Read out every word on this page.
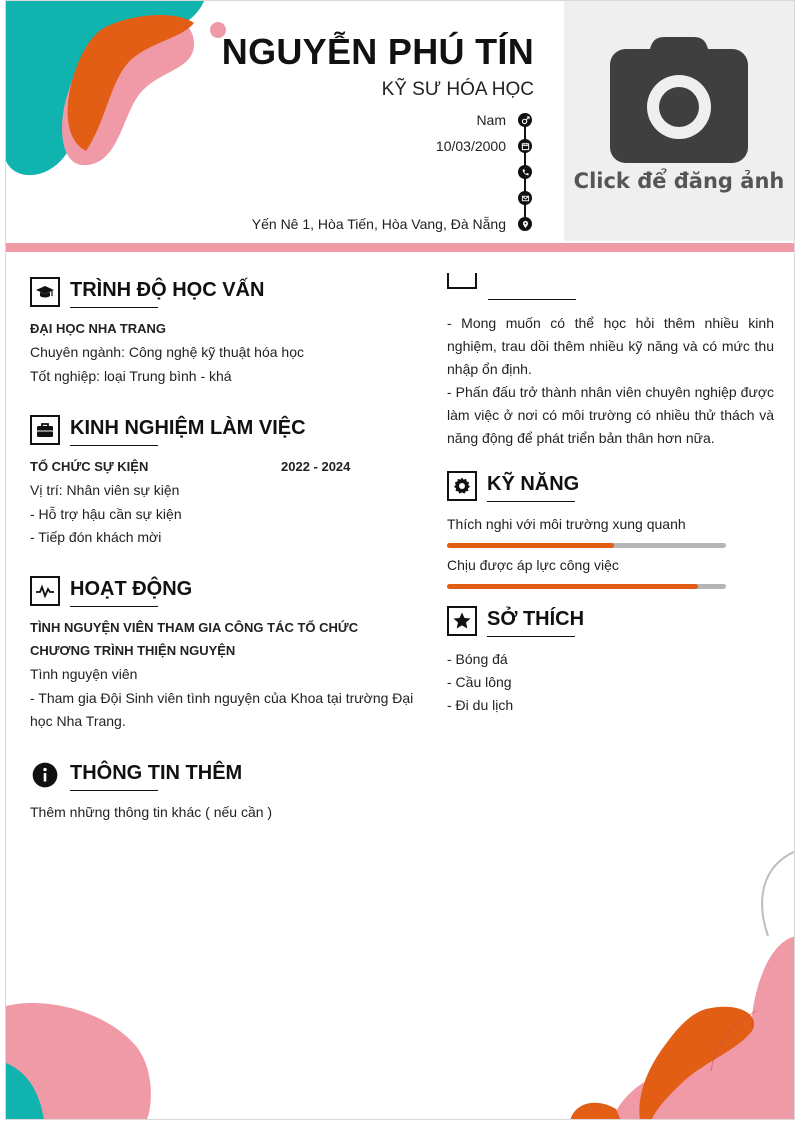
NGUYỄN PHÚ TÍN
KỸ SƯ HÓA HỌC
Nam
10/03/2000
Yến Nê 1, Hòa Tiến, Hòa Vang, Đà Nẵng
Click để đăng ảnh
TRÌNH ĐỘ HỌC VẤN
ĐẠI HỌC NHA TRANG
Chuyên ngành: Công nghệ kỹ thuật hóa học
Tốt nghiệp: loại Trung bình - khá
KINH NGHIỆM LÀM VIỆC
TỔ CHỨC SỰ KIỆN	2022 - 2024
Vị trí: Nhân viên sự kiện
- Hỗ trợ hậu cần sự kiện
- Tiếp đón khách mời
HOẠT ĐỘNG
TÌNH NGUYỆN VIÊN THAM GIA CÔNG TÁC TỔ CHỨC
CHƯƠNG TRÌNH THIỆN NGUYỆN
Tình nguyện viên
- Tham gia Đội Sinh viên tình nguyện của Khoa tại trường Đại
học Nha Trang.
THÔNG TIN THÊM
Thêm những thông tin khác ( nếu cần )
- Mong muốn có thể học hỏi thêm nhiều kinh nghiệm, trau dồi thêm nhiều kỹ năng và có mức thu nhập ổn định.
- Phấn đấu trở thành nhân viên chuyên nghiệp được làm việc ở nơi có môi trường có nhiều thử thách và năng động để phát triển bản thân hơn nữa.
KỸ NĂNG
Thích nghi với môi trường xung quanh
Chịu được áp lực công việc
SỞ THÍCH
- Bóng đá
- Cầu lông
- Đi du lịch
